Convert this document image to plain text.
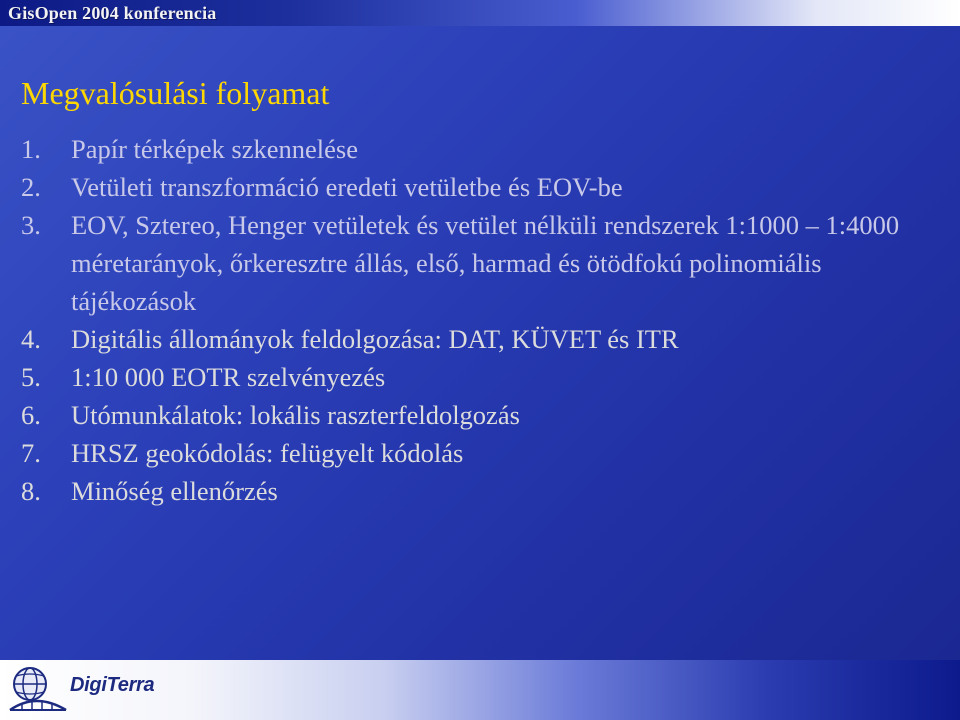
GisOpen 2004 konferencia
Megvalósulási folyamat
1. Papír térképek szkennelése
2. Vetületi transzformáció eredeti vetületbe és EOV-be
3. EOV, Sztereo, Henger vetületek és vetület nélküli rendszerek 1:1000 – 1:4000 méretarányok, őrkeresztre állás, első, harmad és ötödfokú polinomiális tájékozások
4. Digitális állományok feldolgozása: DAT, KÜVET és ITR
5. 1:10 000 EOTR szelvényezés
6. Utómunkálatok: lokális raszterfeldolgozás
7. HRSZ geokódolás: felügyelt kódolás
8. Minőség ellenőrzés
DigiTerra
